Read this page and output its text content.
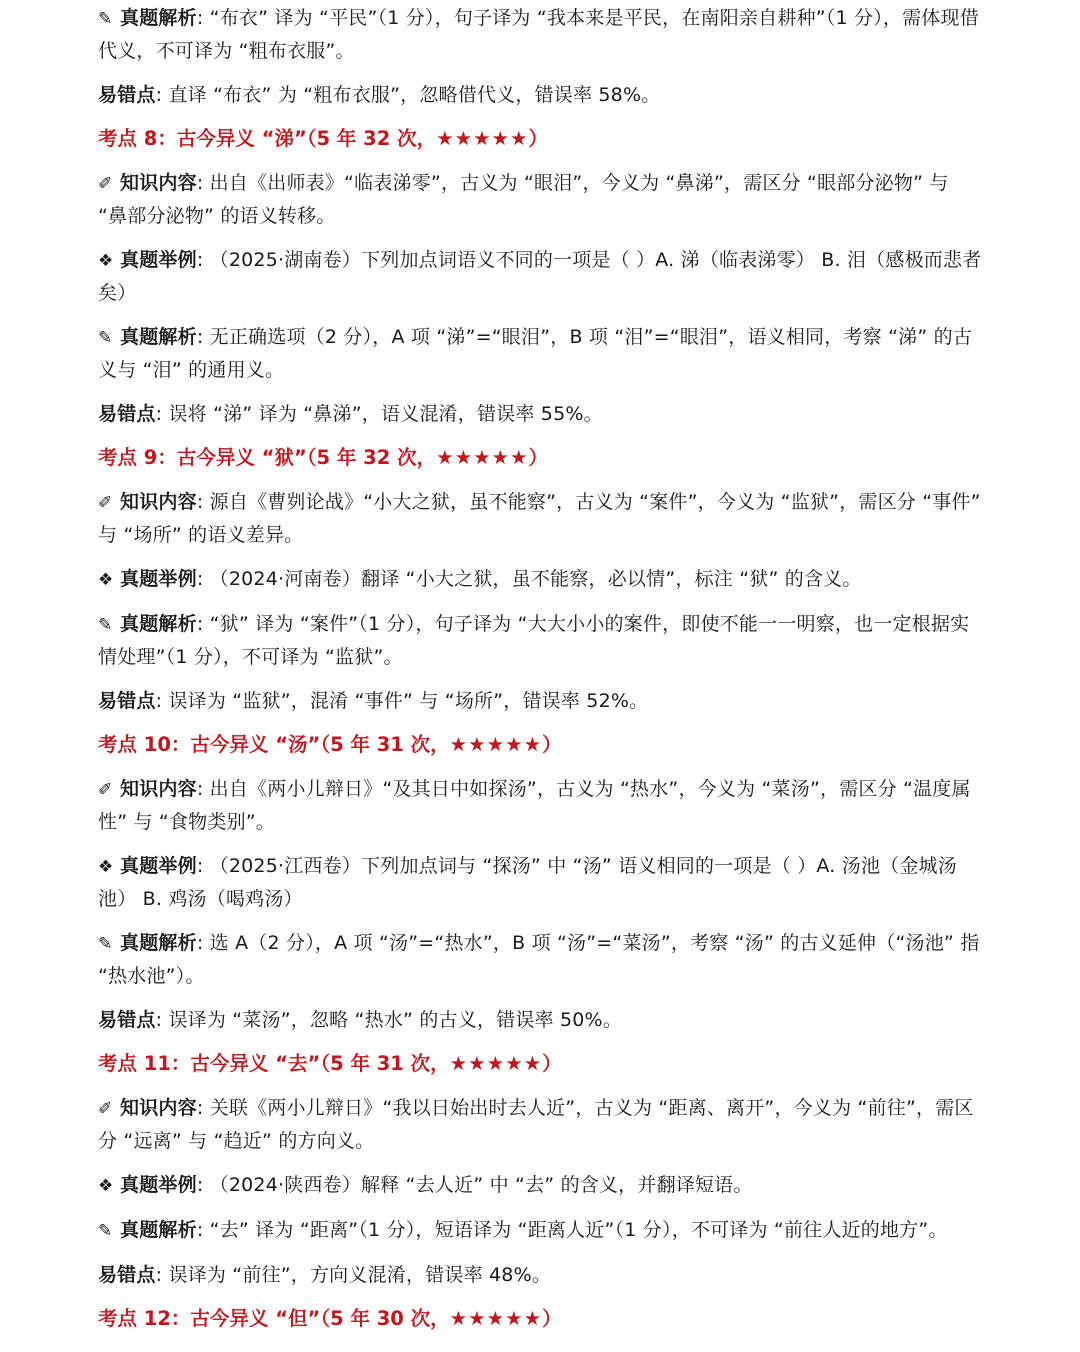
✎ 真题解析: “布衣” 译为 “平民”（1 分），句子译为 “我本来是平民，在南阳亲自耕种”（1 分），需体现借代义，不可译为 “粗布衣服”。
易错点: 直译 “布衣” 为 “粗布衣服”，忽略借代义，错误率 58%。
考点 8：古今异义 “涕”（5 年 32 次，★★★★★）
✐ 知识内容: 出自《出师表》“临表涕零”，古义为 “眼泪”，今义为 “鼻涕”，需区分 “眼部分泌物” 与 “鼻部分泌物” 的语义转移。
❖ 真题举例: （2025·湖南卷）下列加点词语义不同的一项是（ ）A. 涕（临表涕零） B. 泪（感极而悲者矣）
✎ 真题解析: 无正确选项（2 分），A 项 “涕”=“眼泪”，B 项 “泪”=“眼泪”，语义相同，考察 “涕” 的古义与 “泪” 的通用义。
易错点: 误将 “涕” 译为 “鼻涕”，语义混淆，错误率 55%。
考点 9：古今异义 “狱”（5 年 32 次，★★★★★）
✐ 知识内容: 源自《曹刿论战》“小大之狱，虽不能察”，古义为 “案件”，今义为 “监狱”，需区分 “事件” 与 “场所” 的语义差异。
❖ 真题举例: （2024·河南卷）翻译 “小大之狱，虽不能察，必以情”，标注 “狱” 的含义。
✎ 真题解析: “狱” 译为 “案件”（1 分），句子译为 “大大小小的案件，即使不能一一明察，也一定根据实情处理”（1 分），不可译为 “监狱”。
易错点: 误译为 “监狱”，混淆 “事件” 与 “场所”，错误率 52%。
考点 10：古今异义 “汤”（5 年 31 次，★★★★★）
✐ 知识内容: 出自《两小儿辩日》“及其日中如探汤”，古义为 “热水”，今义为 “菜汤”，需区分 “温度属性” 与 “食物类别”。
❖ 真题举例: （2025·江西卷）下列加点词与 “探汤” 中 “汤” 语义相同的一项是（ ）A. 汤池（金城汤池） B. 鸡汤（喝鸡汤）
✎ 真题解析: 选 A（2 分），A 项 “汤”=“热水”，B 项 “汤”=“菜汤”，考察 “汤” 的古义延伸（“汤池” 指 “热水池”）。
易错点: 误译为 “菜汤”，忽略 “热水” 的古义，错误率 50%。
考点 11：古今异义 “去”（5 年 31 次，★★★★★）
✐ 知识内容: 关联《两小儿辩日》“我以日始出时去人近”，古义为 “距离、离开”，今义为 “前往”，需区分 “远离” 与 “趋近” 的方向义。
❖ 真题举例: （2024·陕西卷）解释 “去人近” 中 “去” 的含义，并翻译短语。
✎ 真题解析: “去” 译为 “距离”（1 分），短语译为 “距离人近”（1 分），不可译为 “前往人近的地方”。
易错点: 误译为 “前往”，方向义混淆，错误率 48%。
考点 12：古今异义 “但”（5 年 30 次，★★★★★）
